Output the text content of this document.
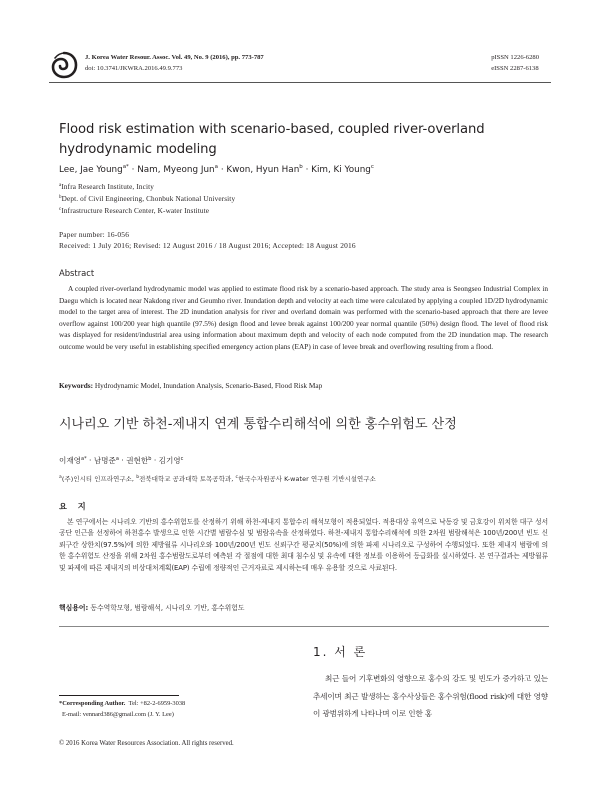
J. Korea Water Resour. Assoc. Vol. 49, No. 9 (2016), pp. 773-787
doi: 10.3741/JKWRA.2016.49.9.773
pISSN 1226-6280
eISSN 2287-6138
Flood risk estimation with scenario-based, coupled river-overland hydrodynamic modeling
Lee, Jae Young$^{a*}$ · Nam, Myeong Jun$^a$ · Kwon, Hyun Han$^b$ · Kim, Ki Young$^c$
$^a$Infra Research Institute, Incity
$^b$Dept. of Civil Engineering, Chonbuk National University
$^c$Infrastructure Research Center, K-water Institute
Paper number: 16-056
Received: 1 July 2016; Revised: 12 August 2016 / 18 August 2016; Accepted: 18 August 2016
Abstract
A coupled river-overland hydrodynamic model was applied to estimate flood risk by a scenario-based approach. The study area is Seongseo Industrial Complex in Daegu which is located near Nakdong river and Geumho river. Inundation depth and velocity at each time were calculated by applying a coupled 1D/2D hydrodynamic model to the target area of interest. The 2D inundation analysis for river and overland domain was performed with the scenario-based approach that there are levee overflow against 100/200 year high quantile (97.5%) design flood and levee break against 100/200 year normal quantile (50%) design flood. The level of flood risk was displayed for resident/industrial area using information about maximum depth and velocity of each node computed from the 2D inundation map. The research outcome would be very useful in establishing specified emergency action plans (EAP) in case of levee break and overflowing resulting from a flood.
Keywords: Hydrodynamic Model, Inundation Analysis, Scenario-Based, Flood Risk Map
시나리오 기반 하천-제내지 연계 통합수리해석에 의한 홍수위험도 산정
이재영$^{a*}$ · 남명준$^a$ · 권현한$^b$ · 김기영$^c$
$^a$(주)인시티 인프라연구소, $^b$전북대학교 공과대학 토목공학과, $^c$한국수자원공사 K-water 연구원 기반시설연구소
요 지
본 연구에서는 시나리오 기반의 홍수위험도를 산정하기 위해 하천-제내지 통합수리 해석모형이 적용되었다. 적용대상 유역으로 낙동강 및 금호강이 위치한 대구 성서공단 인근을 선정하여 하천홍수 발생으로 인한 시간별 범람수심 및 범람유속을 산정하였다. 하천-제내지 통합수리해석에 의한 2차원 범람해석은 100년/200년 빈도 신뢰구간 상한치(97.5%)에 의한 제방월류 시나리오와 100년/200년 빈도 신뢰구간 평균치(50%)에 의한 파제 시나리오로 구성하여 수행되었다. 또한 제내지 범람에 의한 홍수위험도 산정을 위해 2차원 홍수범람도로부터 예측된 각 절점에 대한 최대 침수심 및 유속에 대한 정보를 이용하여 등급화를 실시하였다. 본 연구결과는 제방월류 및 파제에 따른 제내지의 비상대처계획(EAP) 수립에 정량적인 근거자료로 제시하는데 매우 유용할 것으로 사료된다.
핵심용어: 동수역학모형, 범람해석, 시나리오 기반, 홍수위험도
1. 서 론
최근 들어 기후변화의 영향으로 홍수의 강도 및 빈도가 증가하고 있는 추세이며 최근 발생하는 홍수사상들은 홍수위험(flood risk)에 대한 영향이 광범위하게 나타나며 이로 인한 홍
*Corresponding Author. Tel: +82-2-6959-3038
E-mail: vennard386@gmail.com (J. Y. Lee)
© 2016 Korea Water Resources Association. All rights reserved.
